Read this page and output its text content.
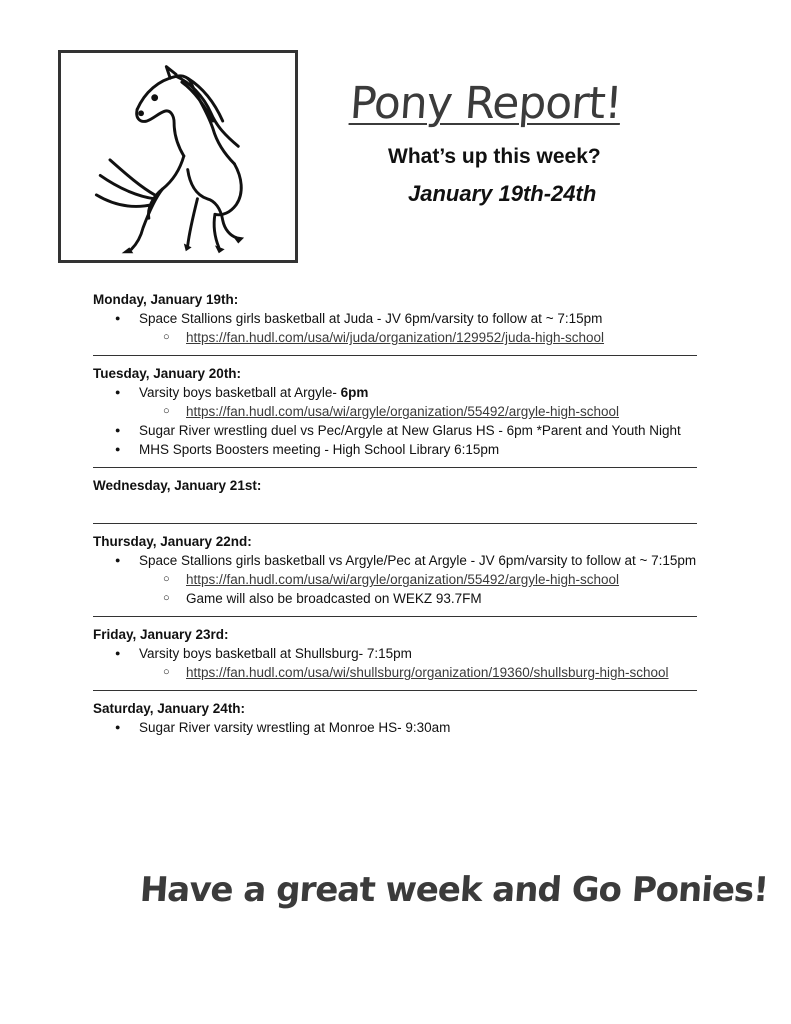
Pony Report!
What’s up this week?
January 19th-24th
Monday, January 19th:
● Space Stallions girls basketball at Juda - JV 6pm/varsity to follow at ~ 7:15pm
○ https://fan.hudl.com/usa/wi/juda/organization/129952/juda-high-school
Tuesday, January 20th:
● Varsity boys basketball at Argyle- 6pm
○ https://fan.hudl.com/usa/wi/argyle/organization/55492/argyle-high-school
● Sugar River wrestling duel vs Pec/Argyle at New Glarus HS - 6pm *Parent and Youth Night
● MHS Sports Boosters meeting - High School Library 6:15pm
Wednesday, January 21st:
Thursday, January 22nd:
● Space Stallions girls basketball vs Argyle/Pec at Argyle - JV 6pm/varsity to follow at ~ 7:15pm
○ https://fan.hudl.com/usa/wi/argyle/organization/55492/argyle-high-school
○ Game will also be broadcasted on WEKZ 93.7FM
Friday, January 23rd:
● Varsity boys basketball at Shullsburg- 7:15pm
○ https://fan.hudl.com/usa/wi/shullsburg/organization/19360/shullsburg-high-school
Saturday, January 24th:
● Sugar River varsity wrestling at Monroe HS- 9:30am
Have a great week and Go Ponies!
